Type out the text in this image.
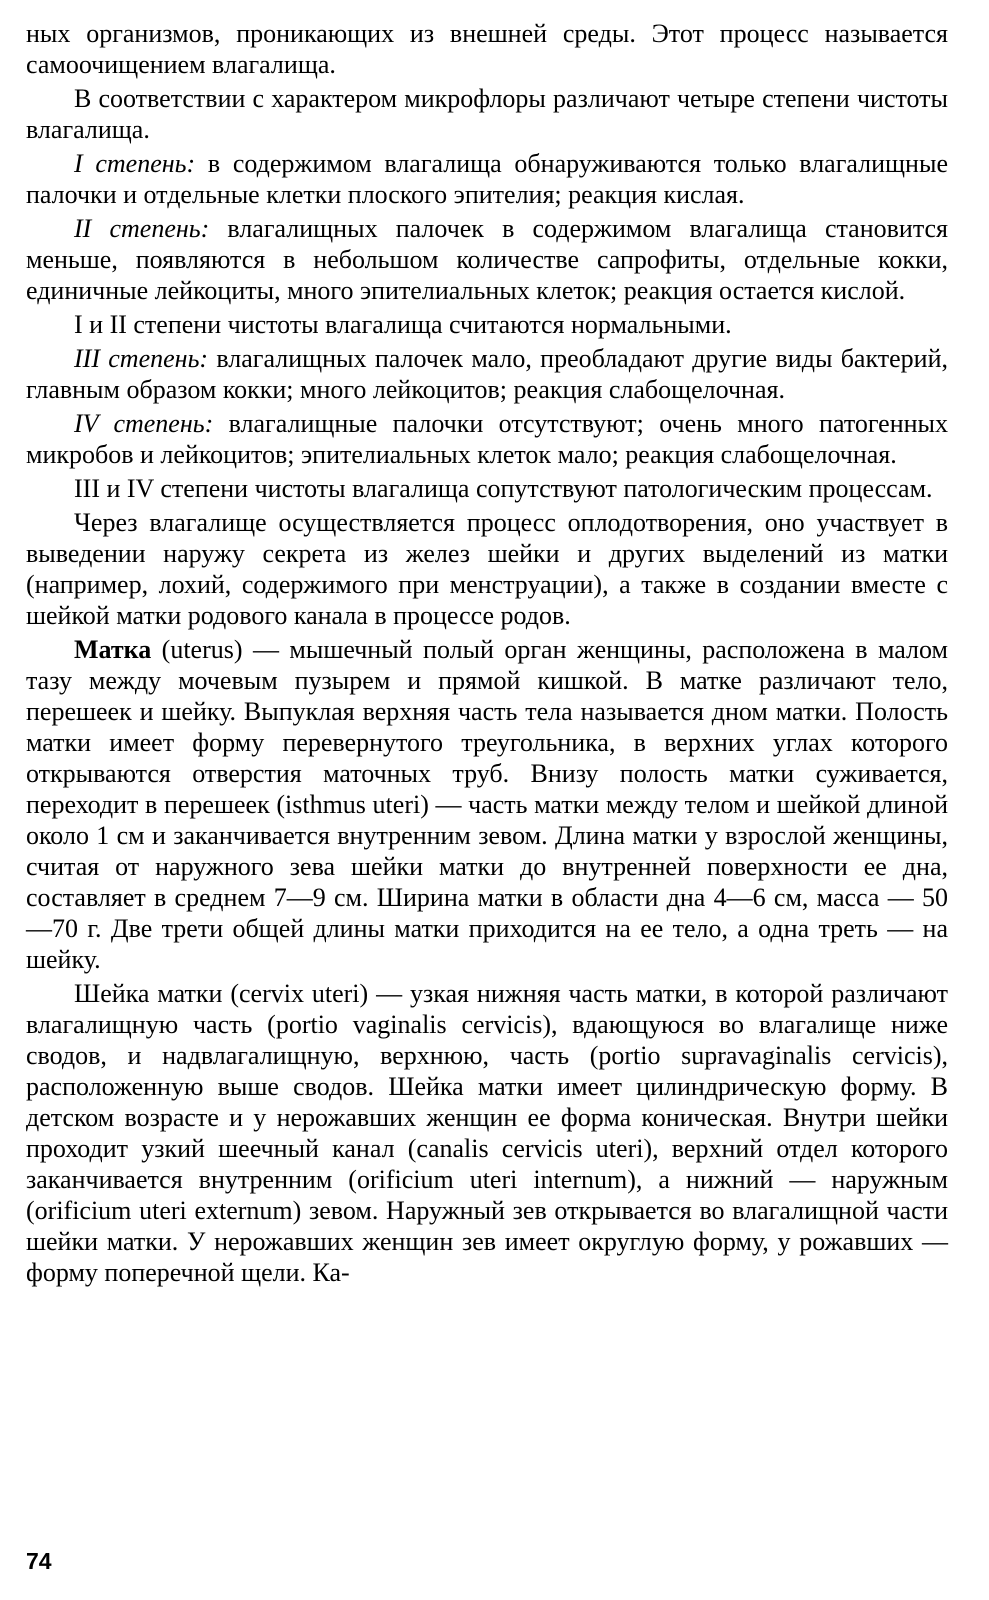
ных организмов, проникающих из внешней среды. Этот процесс называется самоочищением влагалища.

В соответствии с характером микрофлоры различают четыре степени чистоты влагалища.

I степень: в содержимом влагалища обнаруживаются только влагалищные палочки и отдельные клетки плоского эпителия; реакция кислая.

II степень: влагалищных палочек в содержимом влагалища становится меньше, появляются в небольшом количестве сапрофиты, отдельные кокки, единичные лейкоциты, много эпителиальных клеток; реакция остается кислой.

I и II степени чистоты влагалища считаются нормальными.

III степень: влагалищных палочек мало, преобладают другие виды бактерий, главным образом кокки; много лейкоцитов; реакция слабощелочная.

IV степень: влагалищные палочки отсутствуют; очень много патогенных микробов и лейкоцитов; эпителиальных клеток мало; реакция слабощелочная.

III и IV степени чистоты влагалища сопутствуют патологическим процессам.

Через влагалище осуществляется процесс оплодотворения, оно участвует в выведении наружу секрета из желез шейки и других выделений из матки (например, лохий, содержимого при менструации), а также в создании вместе с шейкой матки родового канала в процессе родов.

Матка (uterus) — мышечный полый орган женщины, расположена в малом тазу между мочевым пузырем и прямой кишкой. В матке различают тело, перешеек и шейку. Выпуклая верхняя часть тела называется дном матки. Полость матки имеет форму перевернутого треугольника, в верхних углах которого открываются отверстия маточных труб. Внизу полость матки суживается, переходит в перешеек (isthmus uteri) — часть матки между телом и шейкой длиной около 1 см и заканчивается внутренним зевом. Длина матки у взрослой женщины, считая от наружного зева шейки матки до внутренней поверхности ее дна, составляет в среднем 7—9 см. Ширина матки в области дна 4—6 см, масса — 50—70 г. Две трети общей длины матки приходится на ее тело, а одна треть — на шейку.

Шейка матки (cervix uteri) — узкая нижняя часть матки, в которой различают влагалищную часть (portio vaginalis cervicis), вдающуюся во влагалище ниже сводов, и надвлагалищную, верхнюю, часть (portio supravaginalis cervicis), расположенную выше сводов. Шейка матки имеет цилиндрическую форму. В детском возрасте и у нерожавших женщин ее форма коническая. Внутри шейки проходит узкий шеечный канал (canalis cervicis uteri), верхний отдел которого заканчивается внутренним (orificium uteri internum), а нижний — наружным (orificium uteri externum) зевом. Наружный зев открывается во влагалищной части шейки матки. У нерожавших женщин зев имеет округлую форму, у рожавших — форму поперечной щели. Ка-

74
